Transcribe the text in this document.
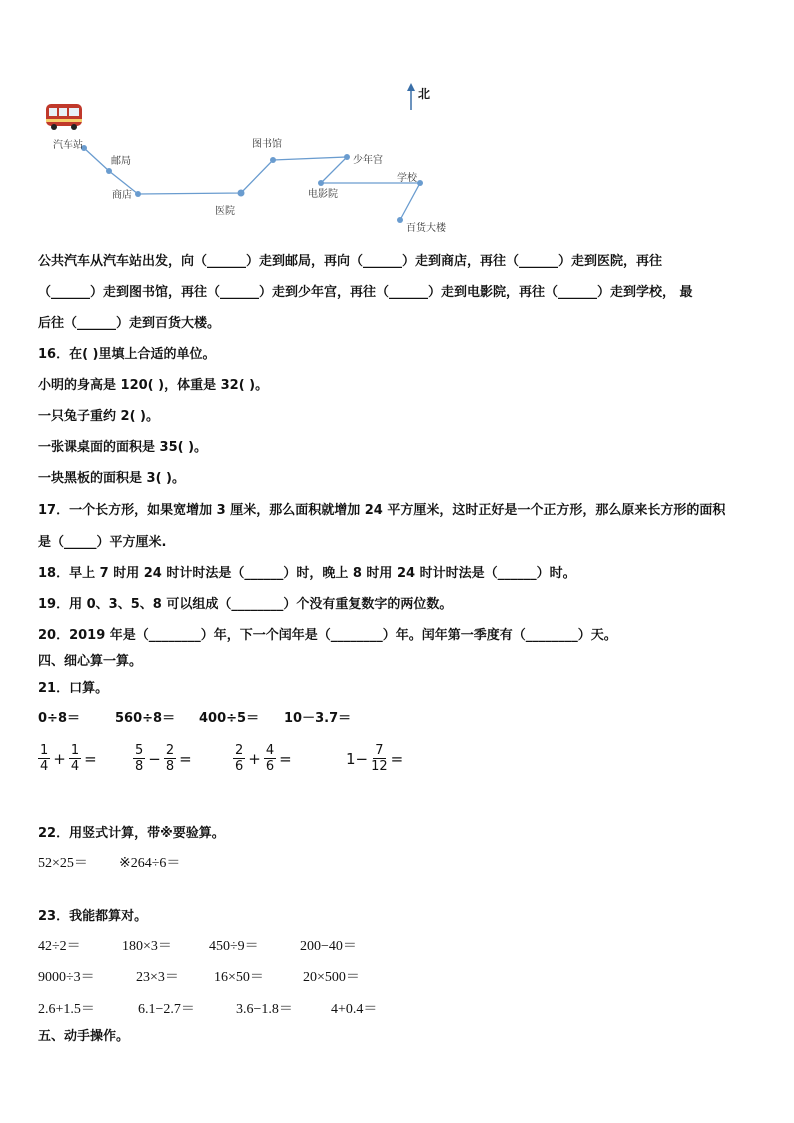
北
汽车站
邮局
商店
医院
图书馆
少年宫
电影院
学校
百货大楼
公共汽车从汽车站出发，向（______）走到邮局，再向（______）走到商店，再往（______）走到医院，再往
（______）走到图书馆，再往（______）走到少年宫，再往（______）走到电影院，再往（______）走到学校， 最
后往（______）走到百货大楼。
16．在( )里填上合适的单位。
小明的身高是 120( )，体重是 32( )。
一只兔子重约 2( )。
一张课桌面的面积是 35( )。
一块黑板的面积是 3( )。
17．一个长方形，如果宽增加 3 厘米，那么面积就增加 24 平方厘米，这时正好是一个正方形，那么原来长方形的面积
是（_____）平方厘米.
18．早上 7 时用 24 时计时法是（______）时，晚上 8 时用 24 时计时法是（______）时。
19．用 0、3、5、8 可以组成（________）个没有重复数字的两位数。
20．2019 年是（________）年，下一个闰年是（________）年。闰年第一季度有（________）天。
四、细心算一算。
21．口算。
0÷8＝	560÷8＝ 400÷5＝ 10－3.7＝
$\frac{1}{4} + \frac{1}{4}$ =	$\frac{5}{8} - \frac{2}{8}$ =	$\frac{2}{6} + \frac{4}{6}$ =	$1- \frac{7}{12}$ =
22．用竖式计算，带※要验算。
52×25＝ ※264÷6＝
23．我能都算对。
42÷2＝	180×3＝	450÷9＝	200−40＝
9000÷3＝	23×3＝	16×50＝	20×500＝
2.6+1.5＝	6.1−2.7＝	3.6−1.8＝	4+0.4＝
五、动手操作。
